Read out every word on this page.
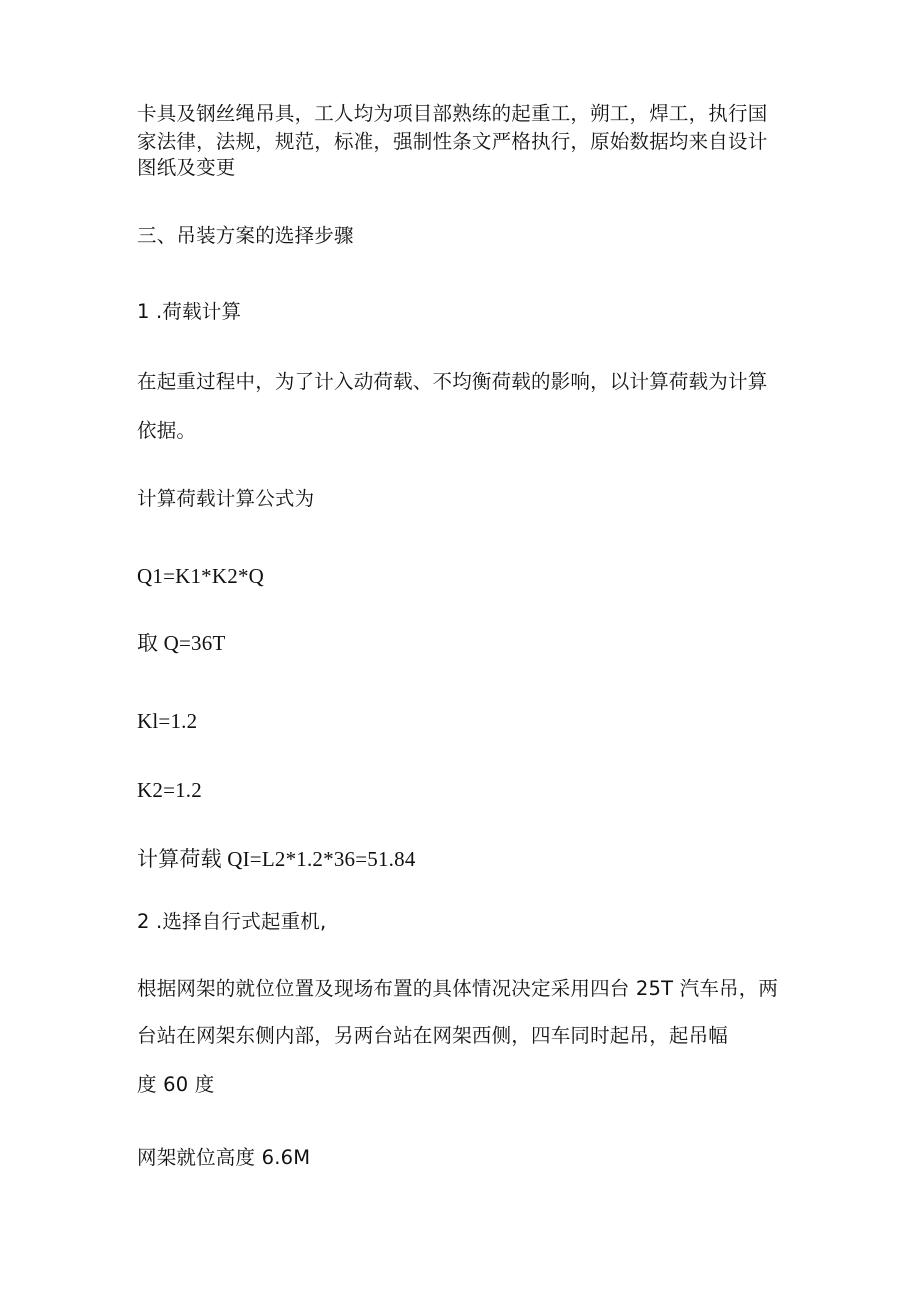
卡具及钢丝绳吊具，工人均为项目部熟练的起重工，朔工，焊工，执行国
家法律，法规，规范，标准，强制性条文严格执行，原始数据均来自设计
图纸及变更
三、吊装方案的选择步骤
1 .荷载计算
在起重过程中，为了计入动荷载、不均衡荷载的影响，以计算荷载为计算
依据。
计算荷载计算公式为
Q1=K1*K2*Q
取 Q=36T
Kl=1.2
K2=1.2
计算荷载 QI=L2*1.2*36=51.84
2 .选择自行式起重机,
根据网架的就位位置及现场布置的具体情况决定采用四台 25T 汽车吊，两
台站在网架东侧内部，另两台站在网架西侧，四车同时起吊，起吊幅
度 60 度
网架就位高度 6.6M
